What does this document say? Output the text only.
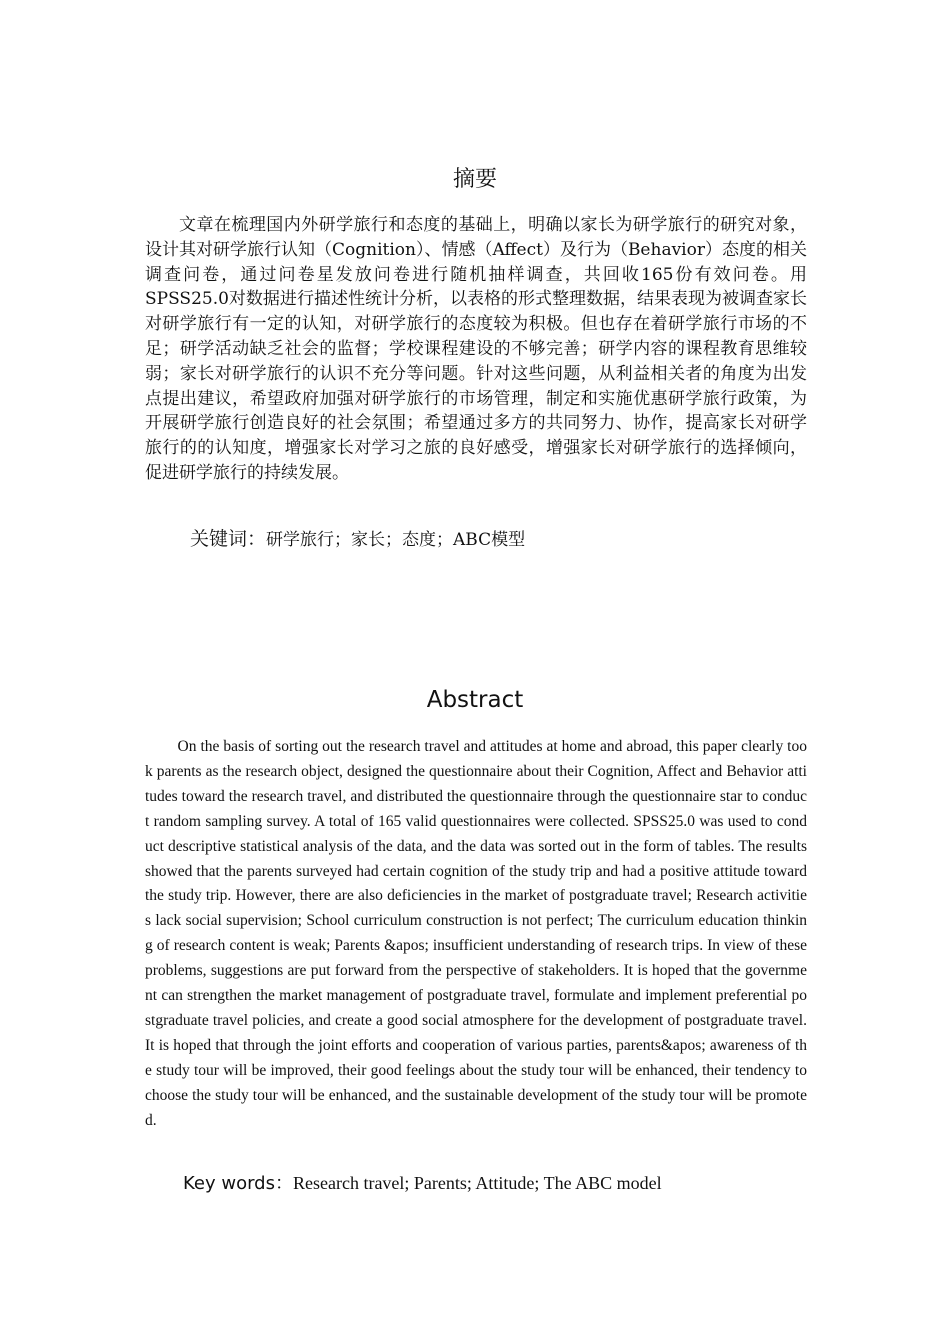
摘要

文章在梳理国内外研学旅行和态度的基础上，明确以家长为研学旅行的研究对象，设计其对研学旅行认知（Cognition）、情感（Affect）及行为（Behavior）态度的相关调查问卷，通过问卷星发放问卷进行随机抽样调查，共回收165份有效问卷。用SPSS25.0对数据进行描述性统计分析，以表格的形式整理数据，结果表现为被调查家长对研学旅行有一定的认知，对研学旅行的态度较为积极。但也存在着研学旅行市场的不足；研学活动缺乏社会的监督；学校课程建设的不够完善；研学内容的课程教育思维较弱；家长对研学旅行的认识不充分等问题。针对这些问题，从利益相关者的角度为出发点提出建议，希望政府加强对研学旅行的市场管理，制定和实施优惠研学旅行政策，为开展研学旅行创造良好的社会氛围；希望通过多方的共同努力、协作，提高家长对研学旅行的的认知度，增强家长对学习之旅的良好感受，增强家长对研学旅行的选择倾向，促进研学旅行的持续发展。

关键词：研学旅行；家长；态度；ABC模型
Abstract

On the basis of sorting out the research travel and attitudes at home and abroad, this paper clearly took parents as the research object, designed the questionnaire about their Cognition, Affect and Behavior attitudes toward the research travel, and distributed the questionnaire through the questionnaire star to conduct random sampling survey. A total of 165 valid questionnaires were collected. SPSS25.0 was used to conduct descriptive statistical analysis of the data, and the data was sorted out in the form of tables. The results showed that the parents surveyed had certain cognition of the study trip and had a positive attitude toward the study trip. However, there are also deficiencies in the market of postgraduate travel; Research activities lack social supervision; School curriculum construction is not perfect; The curriculum education thinking of research content is weak; Parents &apos; insufficient understanding of research trips. In view of these problems, suggestions are put forward from the perspective of stakeholders. It is hoped that the government can strengthen the market management of postgraduate travel, formulate and implement preferential postgraduate travel policies, and create a good social atmosphere for the development of postgraduate travel. It is hoped that through the joint efforts and cooperation of various parties, parents&apos; awareness of the study tour will be improved, their good feelings about the study tour will be enhanced, their tendency to choose the study tour will be enhanced, and the sustainable development of the study tour will be promoted.

Key words：Research travel; Parents; Attitude; The ABC model
